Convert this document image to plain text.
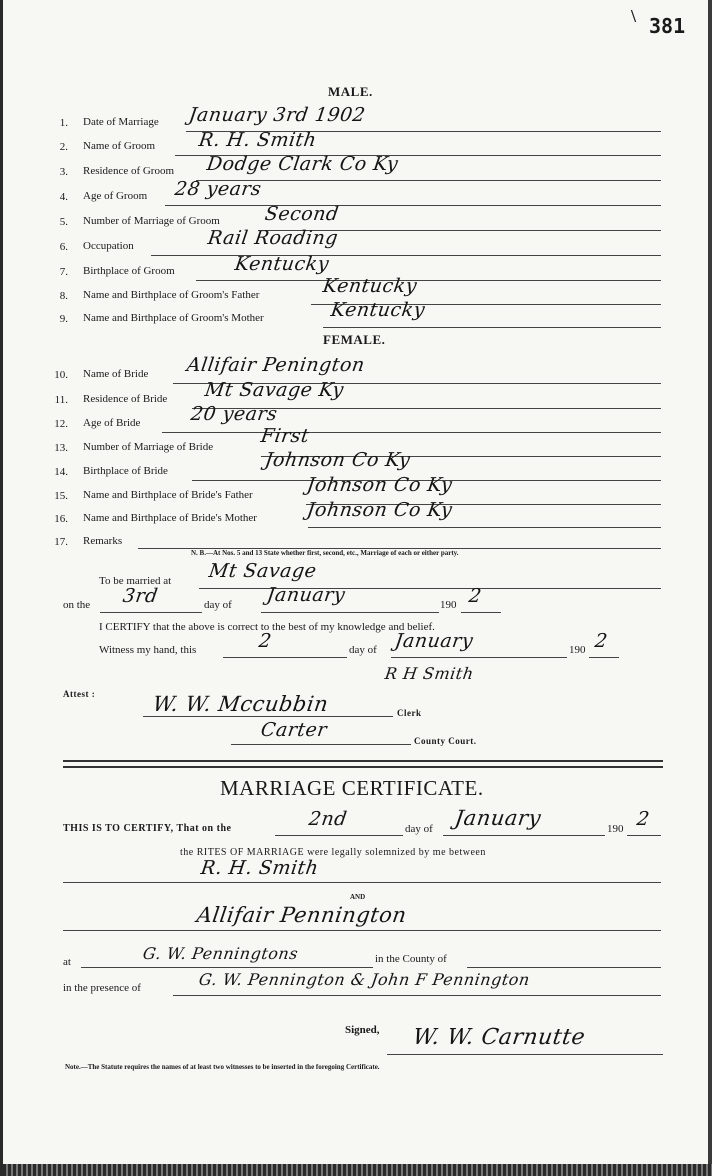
\ 381
MALE.
1. Date of Marriage January 3rd 1902
2. Name of Groom R. H. Smith
3. Residence of Groom Dodge Clark Co Ky
4. Age of Groom 28 years
5. Number of Marriage of Groom Second
6. Occupation	Rail Roading
7. Birthplace of Groom	Kentucky
8. Name and Birthplace of Groom's Father	Kentucky
9. Name and Birthplace of Groom's Mother	Kentucky
FEMALE.
10. Name of Bride Allifair Penington
11. Residence of Bride Mt Savage Ky
12. Age of Bride	20 years
13. Number of Marriage of Bride First
14. Birthplace of Bride	Johnson Co Ky
15. Name and Birthplace of Bride's Father	Johnson Co Ky
16. Name and Birthplace of Bride's Mother	Johnson Co Ky
17. Remarks
N. B.—At Nos. 5 and 13 State whether first, second, etc., Marriage of each or either party.
To be married at Mt Savage
on the 3rd	day of January	190 2
I CERTIFY that the above is correct to the best of my knowledge and belief.
Witness my hand, this	2	day of January	190 2
R H Smith
Attest :	W. W. Mccubbin	Clerk
Carter	County Court.
MARRIAGE CERTIFICATE.
THIS IS TO CERTIFY, That on the	2nd	day of January	190 2
the RITES OF MARRIAGE were legally solemnized by me between
R. H. Smith
AND
Allifair Pennington
at	G. W. Penningtons	in the County of
in the presence of	G. W. Pennington & John F Pennington
Signed, W. W. Carnutte
Note.—The Statute requires the names of at least two witnesses to be inserted in the foregoing Certificate.
